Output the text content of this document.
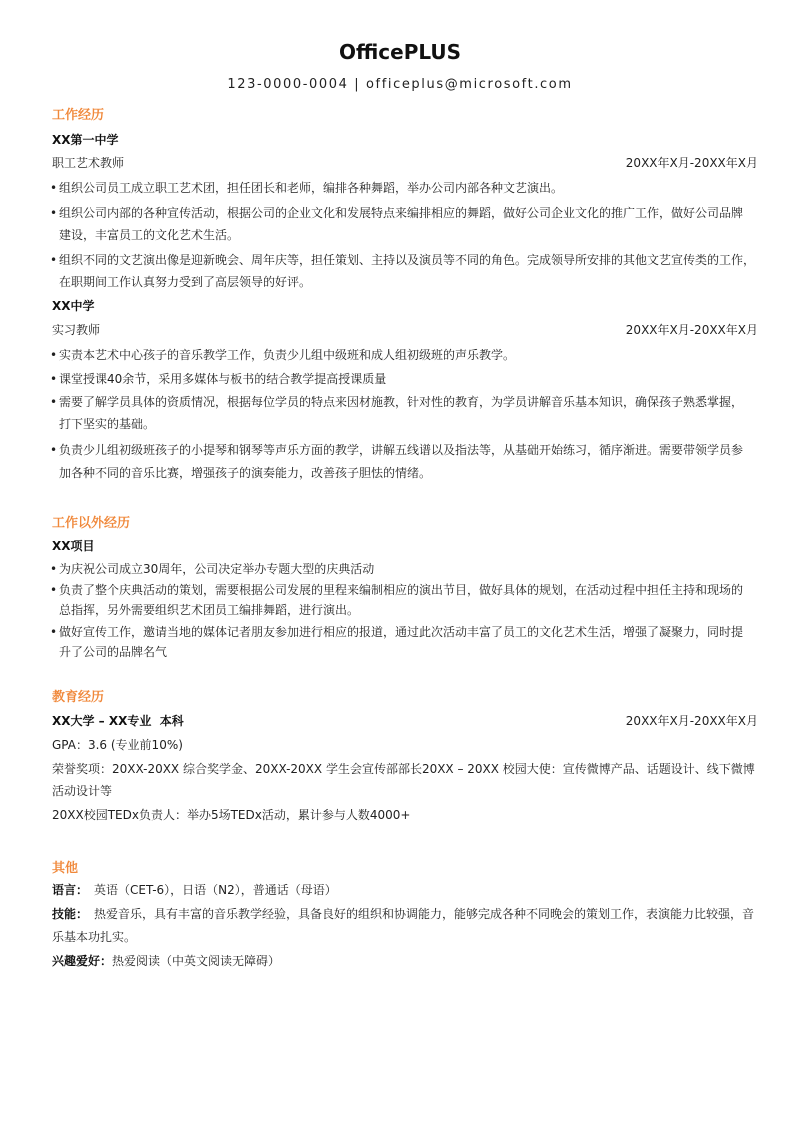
OfficePLUS
123-0000-0004 | officeplus@microsoft.com
工作经历
XX第一中学
职工艺术教师	20XX年X月-20XX年X月
• 组织公司员工成立职工艺术团，担任团长和老师，编排各种舞蹈，举办公司内部各种文艺演出。
• 组织公司内部的各种宣传活动，根据公司的企业文化和发展特点来编排相应的舞蹈，做好公司企业文化的推广工作，做好公司品牌
建设，丰富员工的文化艺术生活。
• 组织不同的文艺演出像是迎新晚会、周年庆等，担任策划、主持以及演员等不同的角色。完成领导所安排的其他文艺宣传类的工作，
在职期间工作认真努力受到了高层领导的好评。
XX中学
实习教师	20XX年X月-20XX年X月
• 实责本艺术中心孩子的音乐教学工作，负责少儿组中级班和成人组初级班的声乐教学。
• 课堂授课40余节，采用多媒体与板书的结合教学提高授课质量
• 需要了解学员具体的资质情况，根据每位学员的特点来因材施教，针对性的教育，为学员讲解音乐基本知识，确保孩子熟悉掌握，
打下坚实的基础。
• 负责少儿组初级班孩子的小提琴和钢琴等声乐方面的教学，讲解五线谱以及指法等，从基础开始练习，循序渐进。需要带领学员参
加各种不同的音乐比赛，增强孩子的演奏能力，改善孩子胆怯的情绪。
工作以外经历
XX项目
• 为庆祝公司成立30周年，公司决定举办专题大型的庆典活动
• 负责了整个庆典活动的策划，需要根据公司发展的里程来编制相应的演出节目，做好具体的规划，在活动过程中担任主持和现场的
总指挥，另外需要组织艺术团员工编排舞蹈，进行演出。
• 做好宣传工作，邀请当地的媒体记者朋友参加进行相应的报道，通过此次活动丰富了员工的文化艺术生活，增强了凝聚力，同时提
升了公司的品牌名气
教育经历
XX大学 – XX专业  本科	20XX年X月-20XX年X月
GPA：3.6 (专业前10%)
荣誉奖项：20XX-20XX 综合奖学金、20XX-20XX 学生会宣传部部长20XX – 20XX 校园大使：宣传微博产品、话题设计、线下微博
活动设计等
20XX校园TEDx负责人：举办5场TEDx活动，累计参与人数4000+
其他
语言： 英语（CET-6），日语（N2），普通话（母语）
技能： 热爱音乐，具有丰富的音乐教学经验，具备良好的组织和协调能力，能够完成各种不同晚会的策划工作，表演能力比较强，音
乐基本功扎实。
兴趣爱好：热爱阅读（中英文阅读无障碍）
